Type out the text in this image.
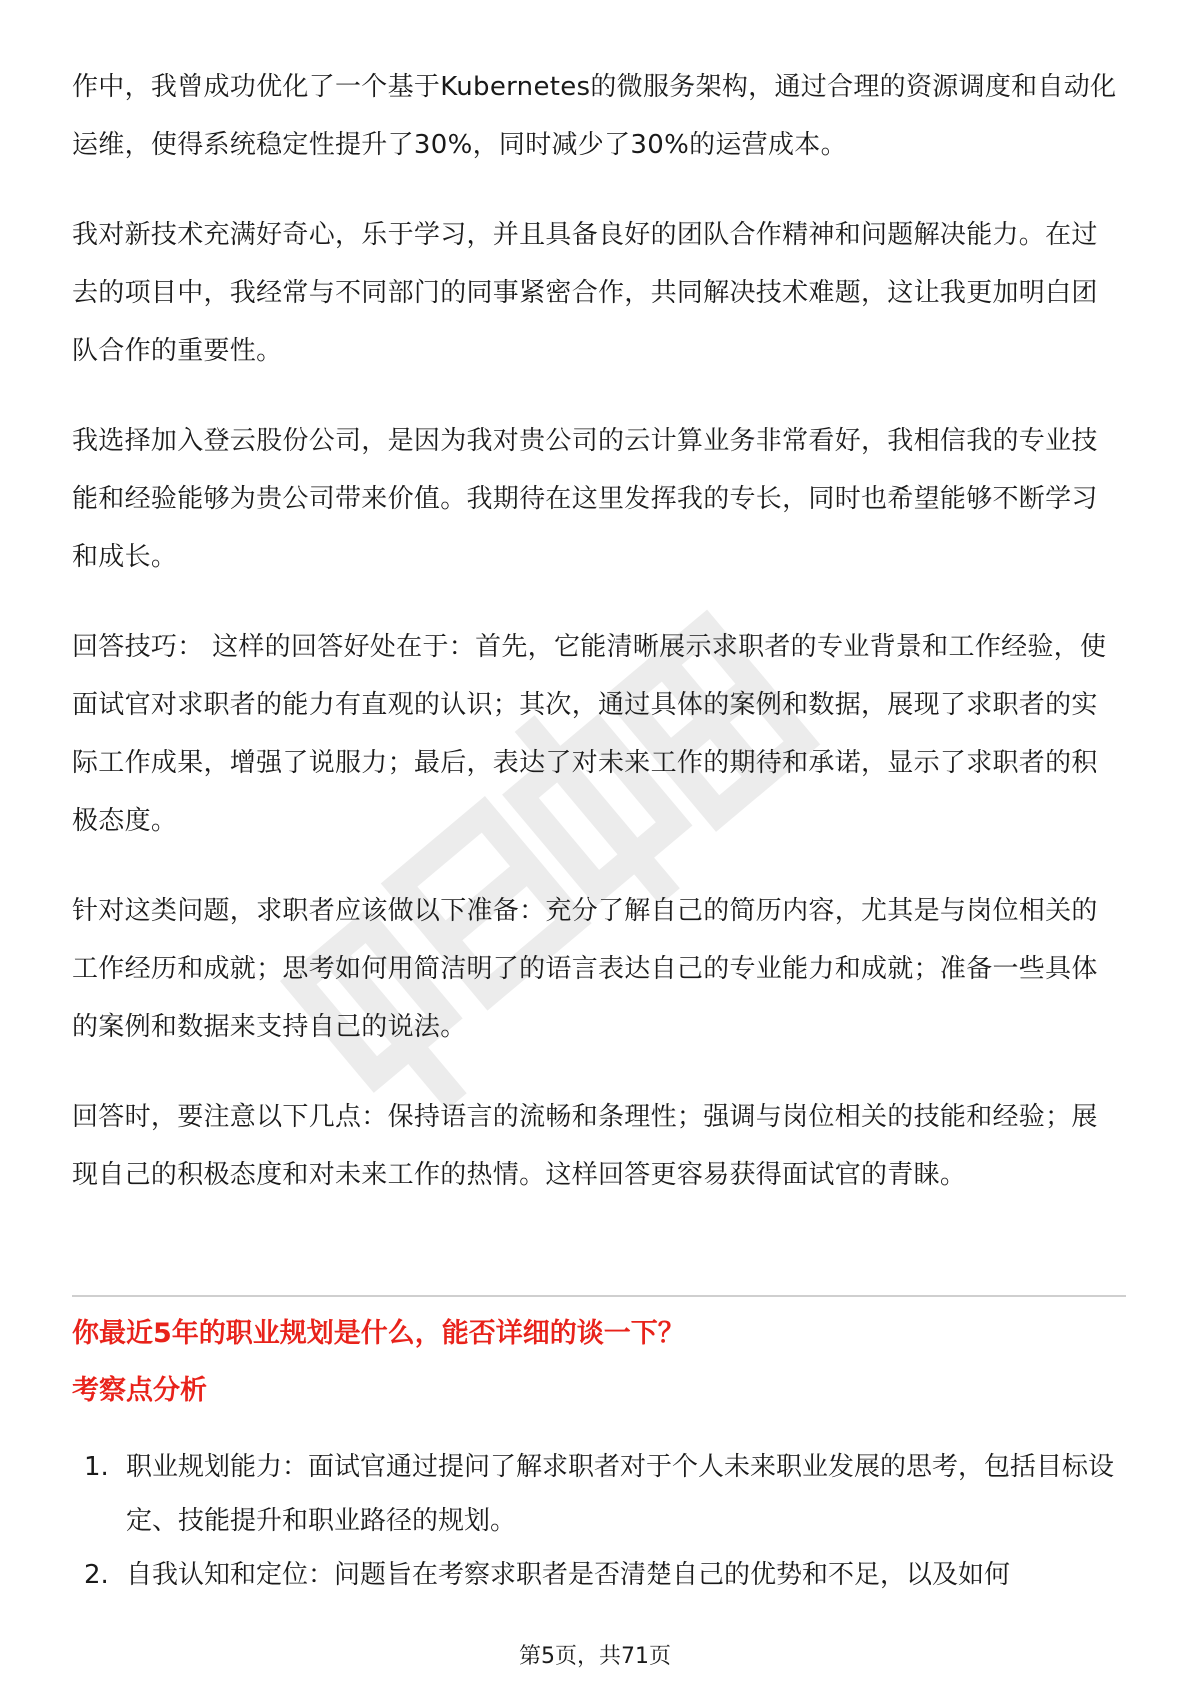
作中，我曾成功优化了一个基于Kubernetes的微服务架构，通过合理的资源调度和自动化运维，使得系统稳定性提升了30%，同时减少了30%的运营成本。

我对新技术充满好奇心，乐于学习，并且具备良好的团队合作精神和问题解决能力。在过去的项目中，我经常与不同部门的同事紧密合作，共同解决技术难题，这让我更加明白团队合作的重要性。

我选择加入登云股份公司，是因为我对贵公司的云计算业务非常看好，我相信我的专业技能和经验能够为贵公司带来价值。我期待在这里发挥我的专长，同时也希望能够不断学习和成长。

回答技巧： 这样的回答好处在于：首先，它能清晰展示求职者的专业背景和工作经验，使面试官对求职者的能力有直观的认识；其次，通过具体的案例和数据，展现了求职者的实际工作成果，增强了说服力；最后，表达了对未来工作的期待和承诺，显示了求职者的积极态度。

针对这类问题，求职者应该做以下准备：充分了解自己的简历内容，尤其是与岗位相关的工作经历和成就；思考如何用简洁明了的语言表达自己的专业能力和成就；准备一些具体的案例和数据来支持自己的说法。

回答时，要注意以下几点：保持语言的流畅和条理性；强调与岗位相关的技能和经验；展现自己的积极态度和对未来工作的热情。这样回答更容易获得面试官的青睐。

你最近5年的职业规划是什么，能否详细的谈一下？
考察点分析
1. 职业规划能力：面试官通过提问了解求职者对于个人未来职业发展的思考，包括目标设定、技能提升和职业路径的规划。
2. 自我认知和定位：问题旨在考察求职者是否清楚自己的优势和不足，以及如何
第5页，共71页
